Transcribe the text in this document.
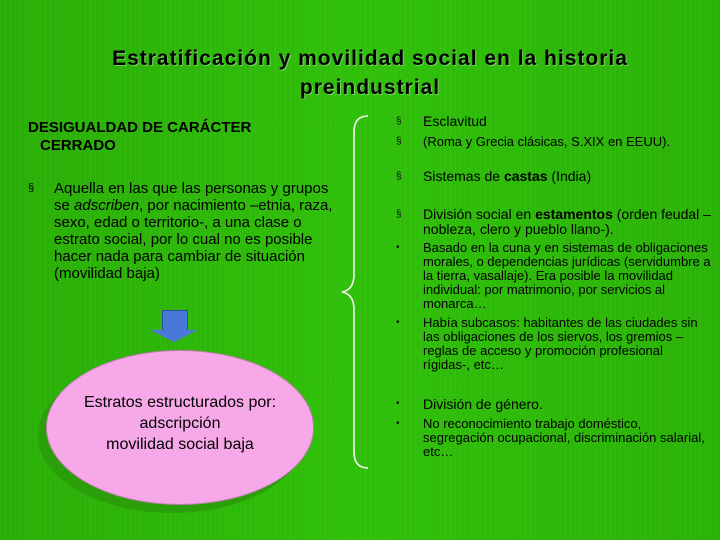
Estratificación y movilidad social en la historia
preindustrial
DESIGUALDAD DE CARÁCTER
CERRADO
§ Aquella en las que las personas y grupos se adscriben, por nacimiento –etnia, raza, sexo, edad o territorio-, a una clase o estrato social, por lo cual no es posible hacer nada para cambiar de situación (movilidad baja)
Estratos estructurados por:
adscripción
movilidad social baja
§ Esclavitud
§ (Roma y Grecia clásicas, S.XIX en EEUU).
§ Sistemas de castas (India)
§ División social en estamentos (orden feudal –nobleza, clero y pueblo llano-).
• Basado en la cuna y en sistemas de obligaciones morales, o dependencias jurídicas (servidumbre a la tierra, vasallaje). Era posible la movilidad individual: por matrimonio, por servicios al monarca…
• Había subcasos: habitantes de las ciudades sin las obligaciones de los siervos, los gremios –reglas de acceso y promoción profesional rígidas-, etc…
• División de género.
• No reconocimiento trabajo doméstico, segregación ocupacional, discriminación salarial, etc…
